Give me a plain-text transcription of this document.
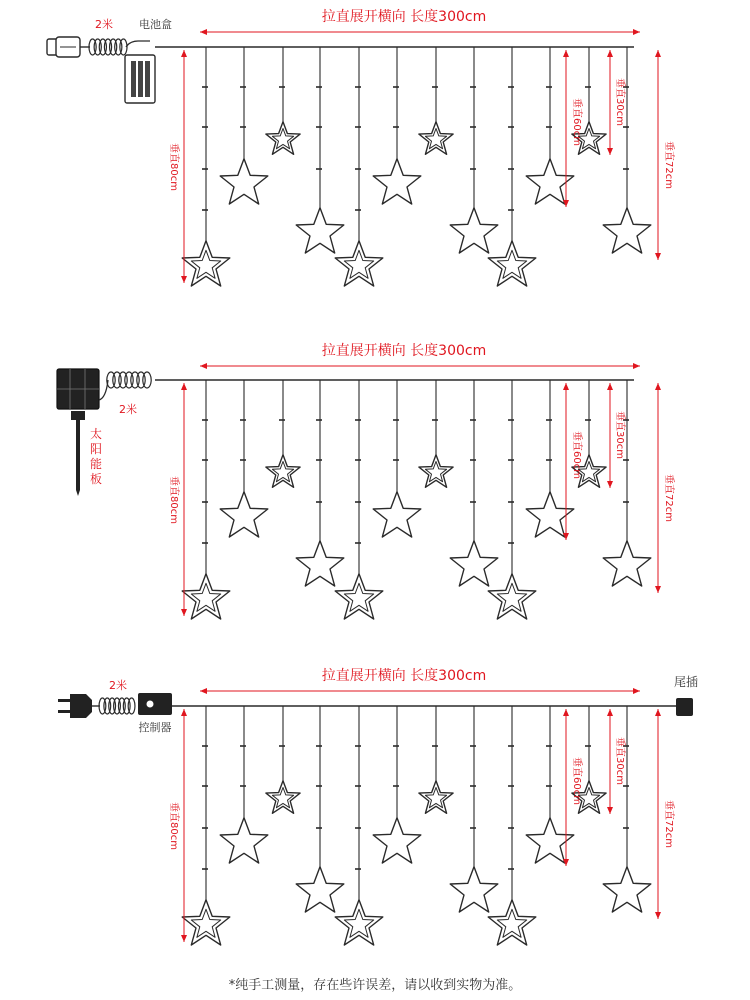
拉直展开横向 长度300cm
垂直80cm
垂直60cm	垂直30cm
垂直72cm
2米 电池盒
拉直展开横向 长度300cm
垂直80cm
垂直60cm	垂直30cm
垂直72cm
2米
太阳能板
拉直展开横向 长度300cm
垂直80cm
垂直60cm	垂直30cm
垂直72cm
2米
控制器
尾插
*纯手工测量，存在些许误差，请以收到实物为准。
